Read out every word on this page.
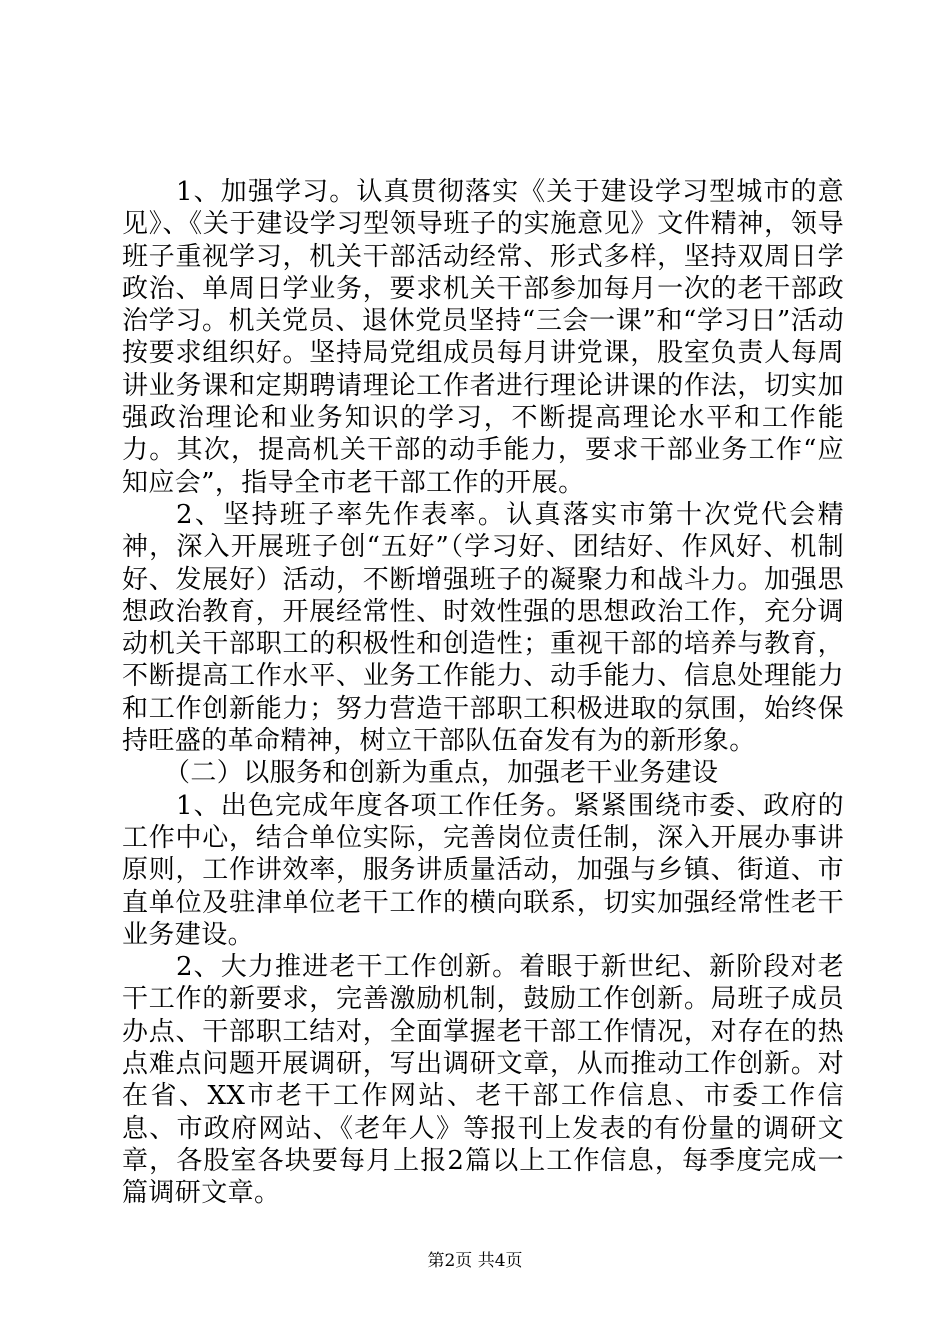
1、加强学习。认真贯彻落实《关于建设学习型城市的意见》、《关于建设学习型领导班子的实施意见》文件精神，领导班子重视学习，机关干部活动经常、形式多样，坚持双周日学政治、单周日学业务，要求机关干部参加每月一次的老干部政治学习。机关党员、退休党员坚持“三会一课”和“学习日”活动按要求组织好。坚持局党组成员每月讲党课，股室负责人每周讲业务课和定期聘请理论工作者进行理论讲课的作法，切实加强政治理论和业务知识的学习，不断提高理论水平和工作能力。其次，提高机关干部的动手能力，要求干部业务工作“应知应会”，指导全市老干部工作的开展。

2、坚持班子率先作表率。认真落实市第十次党代会精神，深入开展班子创“五好”（学习好、团结好、作风好、机制好、发展好）活动，不断增强班子的凝聚力和战斗力。加强思想政治教育，开展经常性、时效性强的思想政治工作，充分调动机关干部职工的积极性和创造性；重视干部的培养与教育，不断提高工作水平、业务工作能力、动手能力、信息处理能力和工作创新能力；努力营造干部职工积极进取的氛围，始终保持旺盛的革命精神，树立干部队伍奋发有为的新形象。

（二）以服务和创新为重点，加强老干业务建设

1、出色完成年度各项工作任务。紧紧围绕市委、政府的工作中心，结合单位实际，完善岗位责任制，深入开展办事讲原则，工作讲效率，服务讲质量活动，加强与乡镇、街道、市直单位及驻津单位老干工作的横向联系，切实加强经常性老干业务建设。

2、大力推进老干工作创新。着眼于新世纪、新阶段对老干工作的新要求，完善激励机制，鼓励工作创新。局班子成员办点、干部职工结对，全面掌握老干部工作情况，对存在的热点难点问题开展调研，写出调研文章，从而推动工作创新。对在省、XX市老干工作网站、老干部工作信息、市委工作信息、市政府网站、《老年人》等报刊上发表的有份量的调研文章，各股室各块要每月上报2篇以上工作信息，每季度完成一篇调研文章。

第2页 共4页
